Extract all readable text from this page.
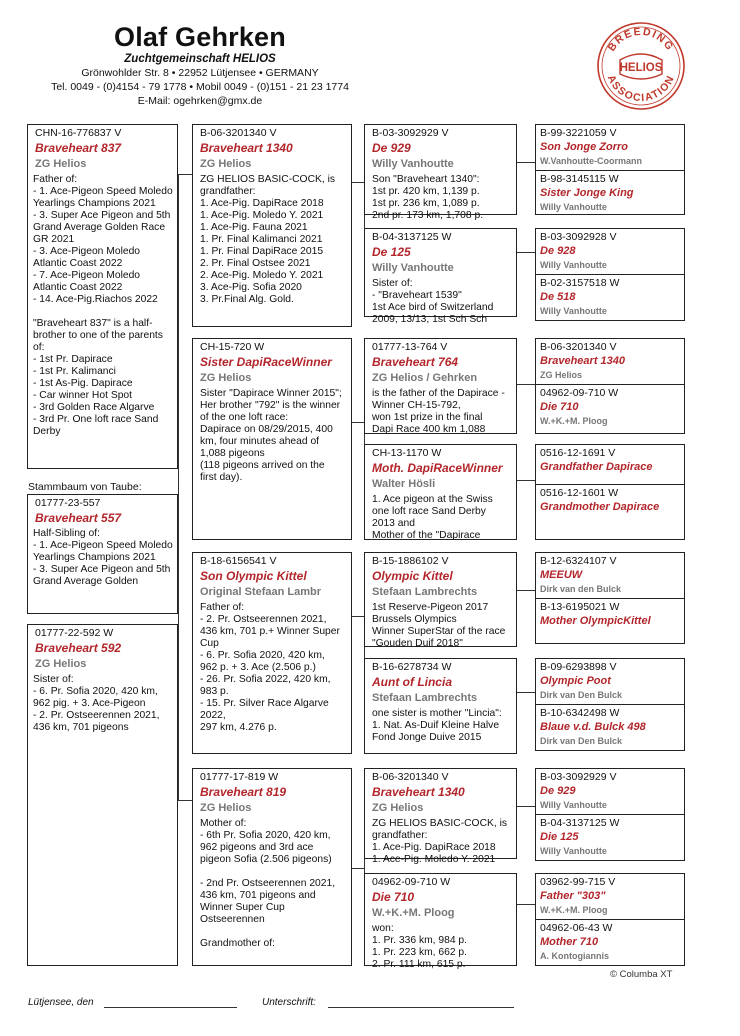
Olaf Gehrken
Zuchtgemeinschaft HELIOS
Grönwohlder Str. 8 • 22952 Lütjensee • GERMANY
Tel. 0049 - (0)4154 - 79 1778 • Mobil 0049 - (0)151 - 21 23 1774
E-Mail: ogehrken@gmx.de
BREEDING
ASSOCIATION
HELIOS
CHN-16-776837 V
Braveheart 837
ZG Helios
Father of:
- 1. Ace-Pigeon Speed Moledo Yearlings Champions 2021
- 3. Super Ace Pigeon and 5th Grand Average Golden Race GR 2021
- 3. Ace-Pigeon Moledo Atlantic Coast 2022
- 7. Ace-Pigeon Moledo Atlantic Coast 2022
- 14. Ace-Pig.Riachos 2022

"Braveheart 837" is a half-brother to one of the parents of:
- 1st Pr. Dapirace
- 1st Pr. Kalimanci
- 1st As-Pig. Dapirace
- Car winner Hot Spot
- 3rd Golden Race Algarve
- 3rd Pr. One loft race Sand Derby
Stammbaum von Taube:
01777-23-557
Braveheart 557
Half-Sibling of:
- 1. Ace-Pigeon Speed Moledo Yearlings Champions 2021
- 3. Super Ace Pigeon and 5th Grand Average Golden
01777-22-592 W
Braveheart 592
ZG Helios
Sister of:
- 6. Pr. Sofia 2020, 420 km, 962 pig. + 3. Ace-Pigeon
- 2. Pr. Ostseerennen 2021, 436 km, 701 pigeons
B-06-3201340 V
Braveheart 1340
ZG Helios
ZG HELIOS BASIC-COCK, is grandfather:
1. Ace-Pig. DapiRace 2018
1. Ace-Pig. Moledo Y. 2021
1. Ace-Pig. Fauna 2021
1. Pr. Final Kalimanci 2021
1. Pr. Final DapiRace 2015
2. Pr. Final Ostsee 2021
2. Ace-Pig. Moledo Y. 2021
3. Ace-Pig. Sofia 2020
3. Pr.Final Alg. Gold.
CH-15-720 W
Sister DapiRaceWinner
ZG Helios
Sister "Dapirace Winner 2015";
Her brother "792" is the winner
of the one loft race:
Dapirace on 08/29/2015, 400 km, four minutes ahead of 1,088 pigeons
(118 pigeons arrived on the first day).
B-18-6156541 V
Son Olympic Kittel
Original Stefaan Lambr
Father of:
- 2. Pr. Ostseerennen 2021, 436 km, 701 p.+ Winner Super Cup
- 6. Pr. Sofia 2020, 420 km, 962 p. + 3. Ace (2.506 p.)
- 26. Pr. Sofia 2022, 420 km, 983 p.
- 15. Pr. Silver Race Algarve 2022,
297 km, 4.276 p.
01777-17-819 W
Braveheart 819
ZG Helios
Mother of:
- 6th Pr. Sofia 2020, 420 km, 962 pigeons and 3rd ace pigeon Sofia (2.506 pigeons)

- 2nd Pr. Ostseerennen 2021, 436 km, 701 pigeons and Winner Super Cup Ostseerennen

Grandmother of:
B-03-3092929 V
De 929
Willy Vanhoutte
Son "Braveheart 1340":
1st pr. 420 km, 1,139 p.
1st pr. 236 km, 1,089 p.
2nd pr. 173 km, 1,708 p.
B-04-3137125 W
De 125
Willy Vanhoutte
Sister of:
- "Braveheart 1539"
1st Ace bird of Switzerland
2009, 13/13, 1st Sch Sch
01777-13-764 V
Braveheart 764
ZG Helios / Gehrken
is the father of the Dapirace -Winner CH-15-792,
won 1st prize in the final
Dapi Race 400 km 1,088
CH-13-1170 W
Moth. DapiRaceWinner
Walter Hösli
1. Ace pigeon at the Swiss one loft race Sand Derby 2013 and
Mother of the "Dapirace
B-15-1886102 V
Olympic Kittel
Stefaan Lambrechts
1st Reserve-Pigeon 2017 Brussels Olympics
Winner SuperStar of the race "Gouden Duif 2018"
B-16-6278734 W
Aunt of Lincia
Stefaan Lambrechts
one sister is mother "Lincia": 1. Nat. As-Duif Kleine Halve Fond Jonge Duive 2015
B-06-3201340 V
Braveheart 1340
ZG Helios
ZG HELIOS BASIC-COCK, is grandfather:
1. Ace-Pig. DapiRace 2018
1. Ace-Pig. Moledo Y. 2021
04962-09-710 W
Die 710
W.+K.+M. Ploog
won:
1. Pr. 336 km, 984 p.
1. Pr. 223 km, 662 p.
2. Pr. 111 km, 615 p.
B-99-3221059 V
Son Jonge Zorro
W.Vanhoutte-Coormann
B-98-3145115 W
Sister Jonge King
Willy Vanhoutte
B-03-3092928 V
De 928
Willy Vanhoutte
B-02-3157518 W
De 518
Willy Vanhoutte
B-06-3201340 V
Braveheart 1340
ZG Helios
04962-09-710 W
Die 710
W.+K.+M. Ploog
0516-12-1691 V
Grandfather Dapirace
0516-12-1601 W
Grandmother Dapirace
B-12-6324107 V
MEEUW
Dirk van den Bulck
B-13-6195021 W
Mother OlympicKittel
B-09-6293898 V
Olympic Poot
Dirk van Den Bulck
B-10-6342498 W
Blaue v.d. Bulck 498
Dirk van Den Bulck
B-03-3092929 V
De 929
Willy Vanhoutte
B-04-3137125 W
Die 125
Willy Vanhoutte
03962-99-715 V
Father "303"
W.+K.+M. Ploog
04962-06-43 W
Mother 710
A. Kontogiannis
© Columba XT
Lütjensee, den	Unterschrift:
